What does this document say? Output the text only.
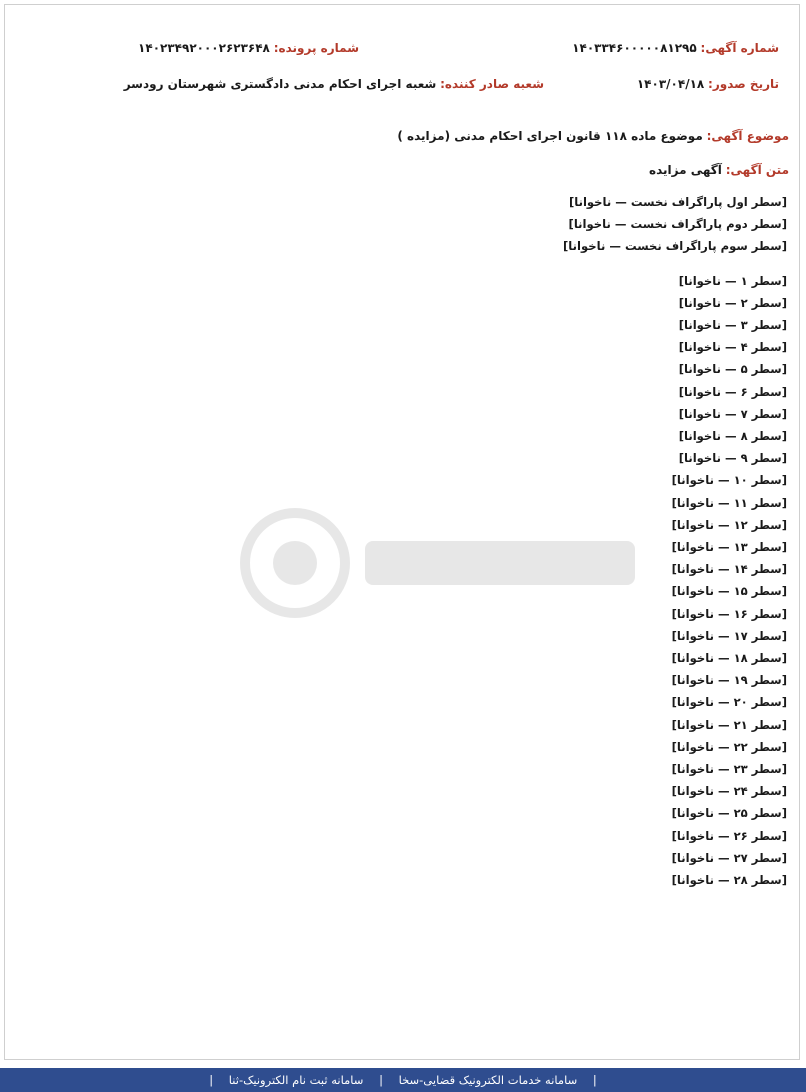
شماره آگهی: ۱۴۰۳۳۴۶۰۰۰۰۰۸۱۲۹۵
شماره پرونده: ۱۴۰۲۳۴۹۲۰۰۰۲۶۲۳۶۴۸
تاریخ صدور: ۱۴۰۳/۰۴/۱۸
شعبه صادر کننده: شعبه اجرای احکام مدنی دادگستری شهرستان رودسر
موضوع آگهی: موضوع ماده ۱۱۸ قانون اجرای احکام مدنی (مزایده )
متن آگهی: آگهی مزایده

[سطر اول پاراگراف نخست — ناخوانا]

[سطر دوم پاراگراف نخست — ناخوانا]

[سطر سوم پاراگراف نخست — ناخوانا]

[سطر ۱ — ناخوانا]

[سطر ۲ — ناخوانا]

[سطر ۳ — ناخوانا]

[سطر ۴ — ناخوانا]

[سطر ۵ — ناخوانا]

[سطر ۶ — ناخوانا]

[سطر ۷ — ناخوانا]

[سطر ۸ — ناخوانا]

[سطر ۹ — ناخوانا]

[سطر ۱۰ — ناخوانا]

[سطر ۱۱ — ناخوانا]

[سطر ۱۲ — ناخوانا]

[سطر ۱۳ — ناخوانا]

[سطر ۱۴ — ناخوانا]

[سطر ۱۵ — ناخوانا]

[سطر ۱۶ — ناخوانا]

[سطر ۱۷ — ناخوانا]

[سطر ۱۸ — ناخوانا]

[سطر ۱۹ — ناخوانا]

[سطر ۲۰ — ناخوانا]

[سطر ۲۱ — ناخوانا]

[سطر ۲۲ — ناخوانا]

[سطر ۲۳ — ناخوانا]

[سطر ۲۴ — ناخوانا]

[سطر ۲۵ — ناخوانا]

[سطر ۲۶ — ناخوانا]

[سطر ۲۷ — ناخوانا]

[سطر ۲۸ — ناخوانا]

| سامانه خدمات الکترونیک قضایی-سخا | سامانه ثبت نام الکترونیک-ثنا |
